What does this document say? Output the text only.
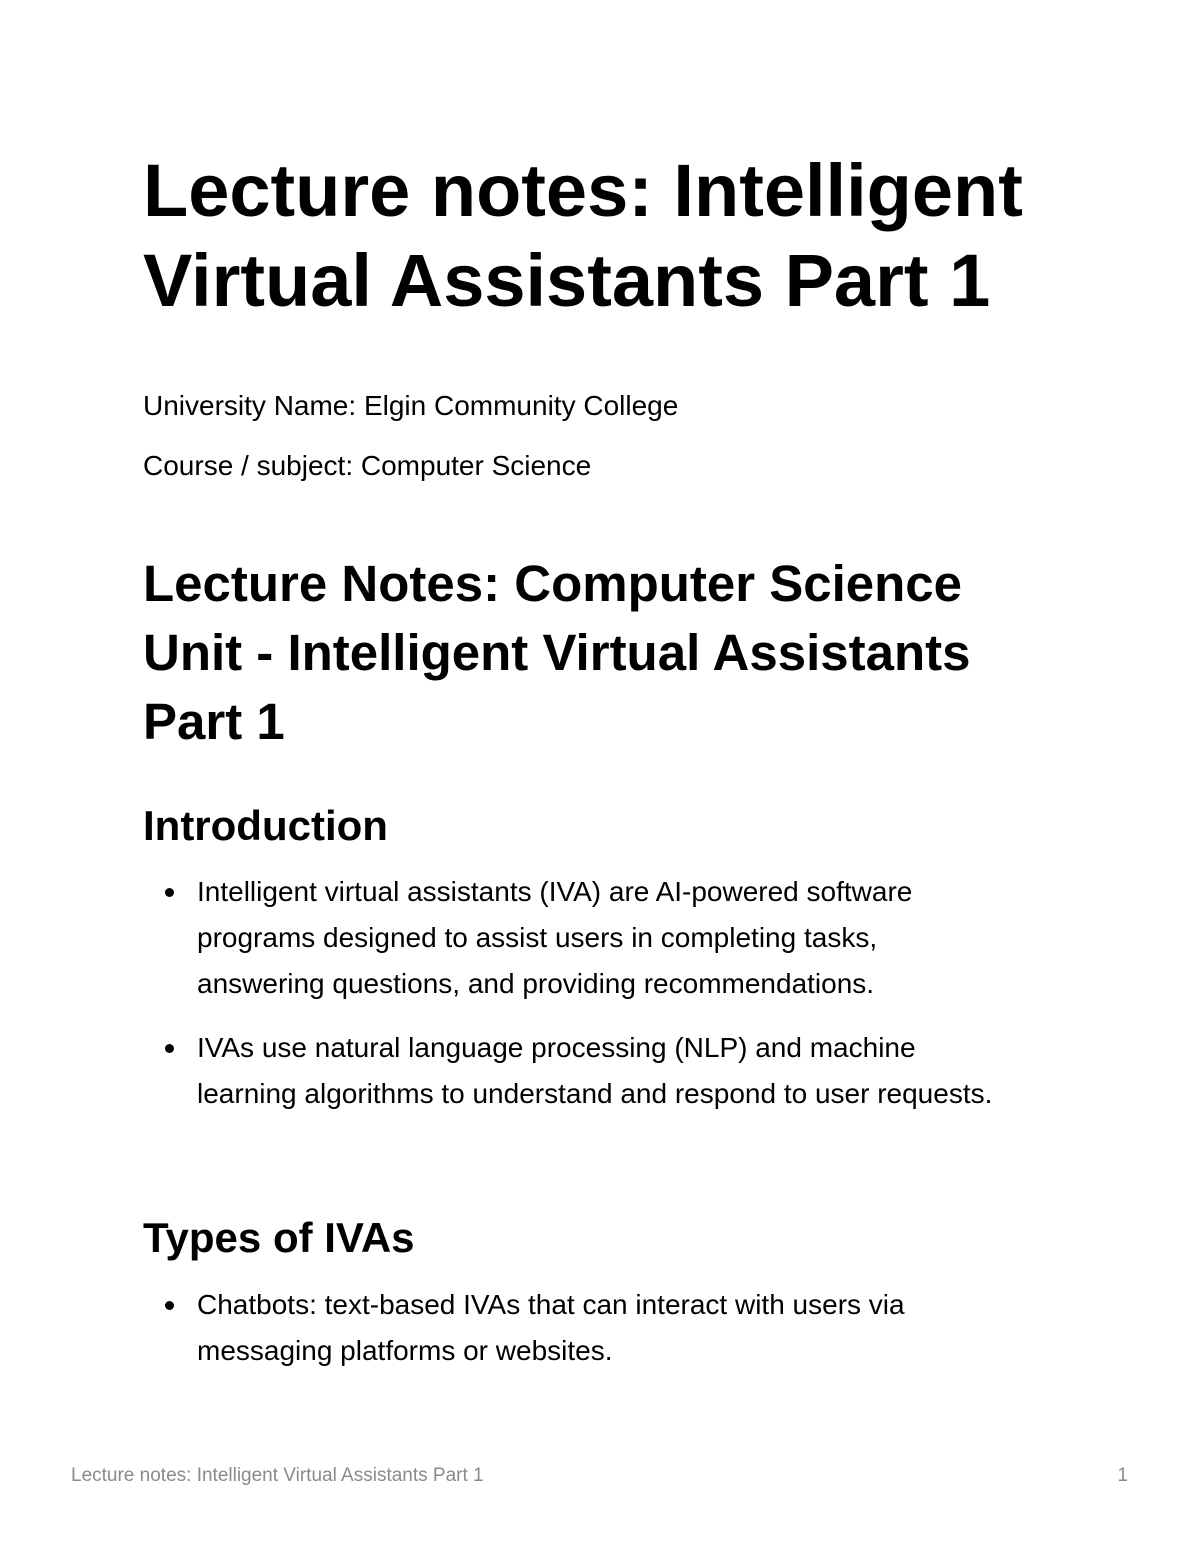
Lecture notes: Intelligent Virtual Assistants Part 1

University Name: Elgin Community College

Course / subject: Computer Science

Lecture Notes: Computer Science Unit - Intelligent Virtual Assistants Part 1
Introduction
Intelligent virtual assistants (IVA) are AI-powered software programs designed to assist users in completing tasks, answering questions, and providing recommendations.
IVAs use natural language processing (NLP) and machine learning algorithms to understand and respond to user requests.
Types of IVAs
Chatbots: text-based IVAs that can interact with users via messaging platforms or websites.
Lecture notes: Intelligent Virtual Assistants Part 1	1
